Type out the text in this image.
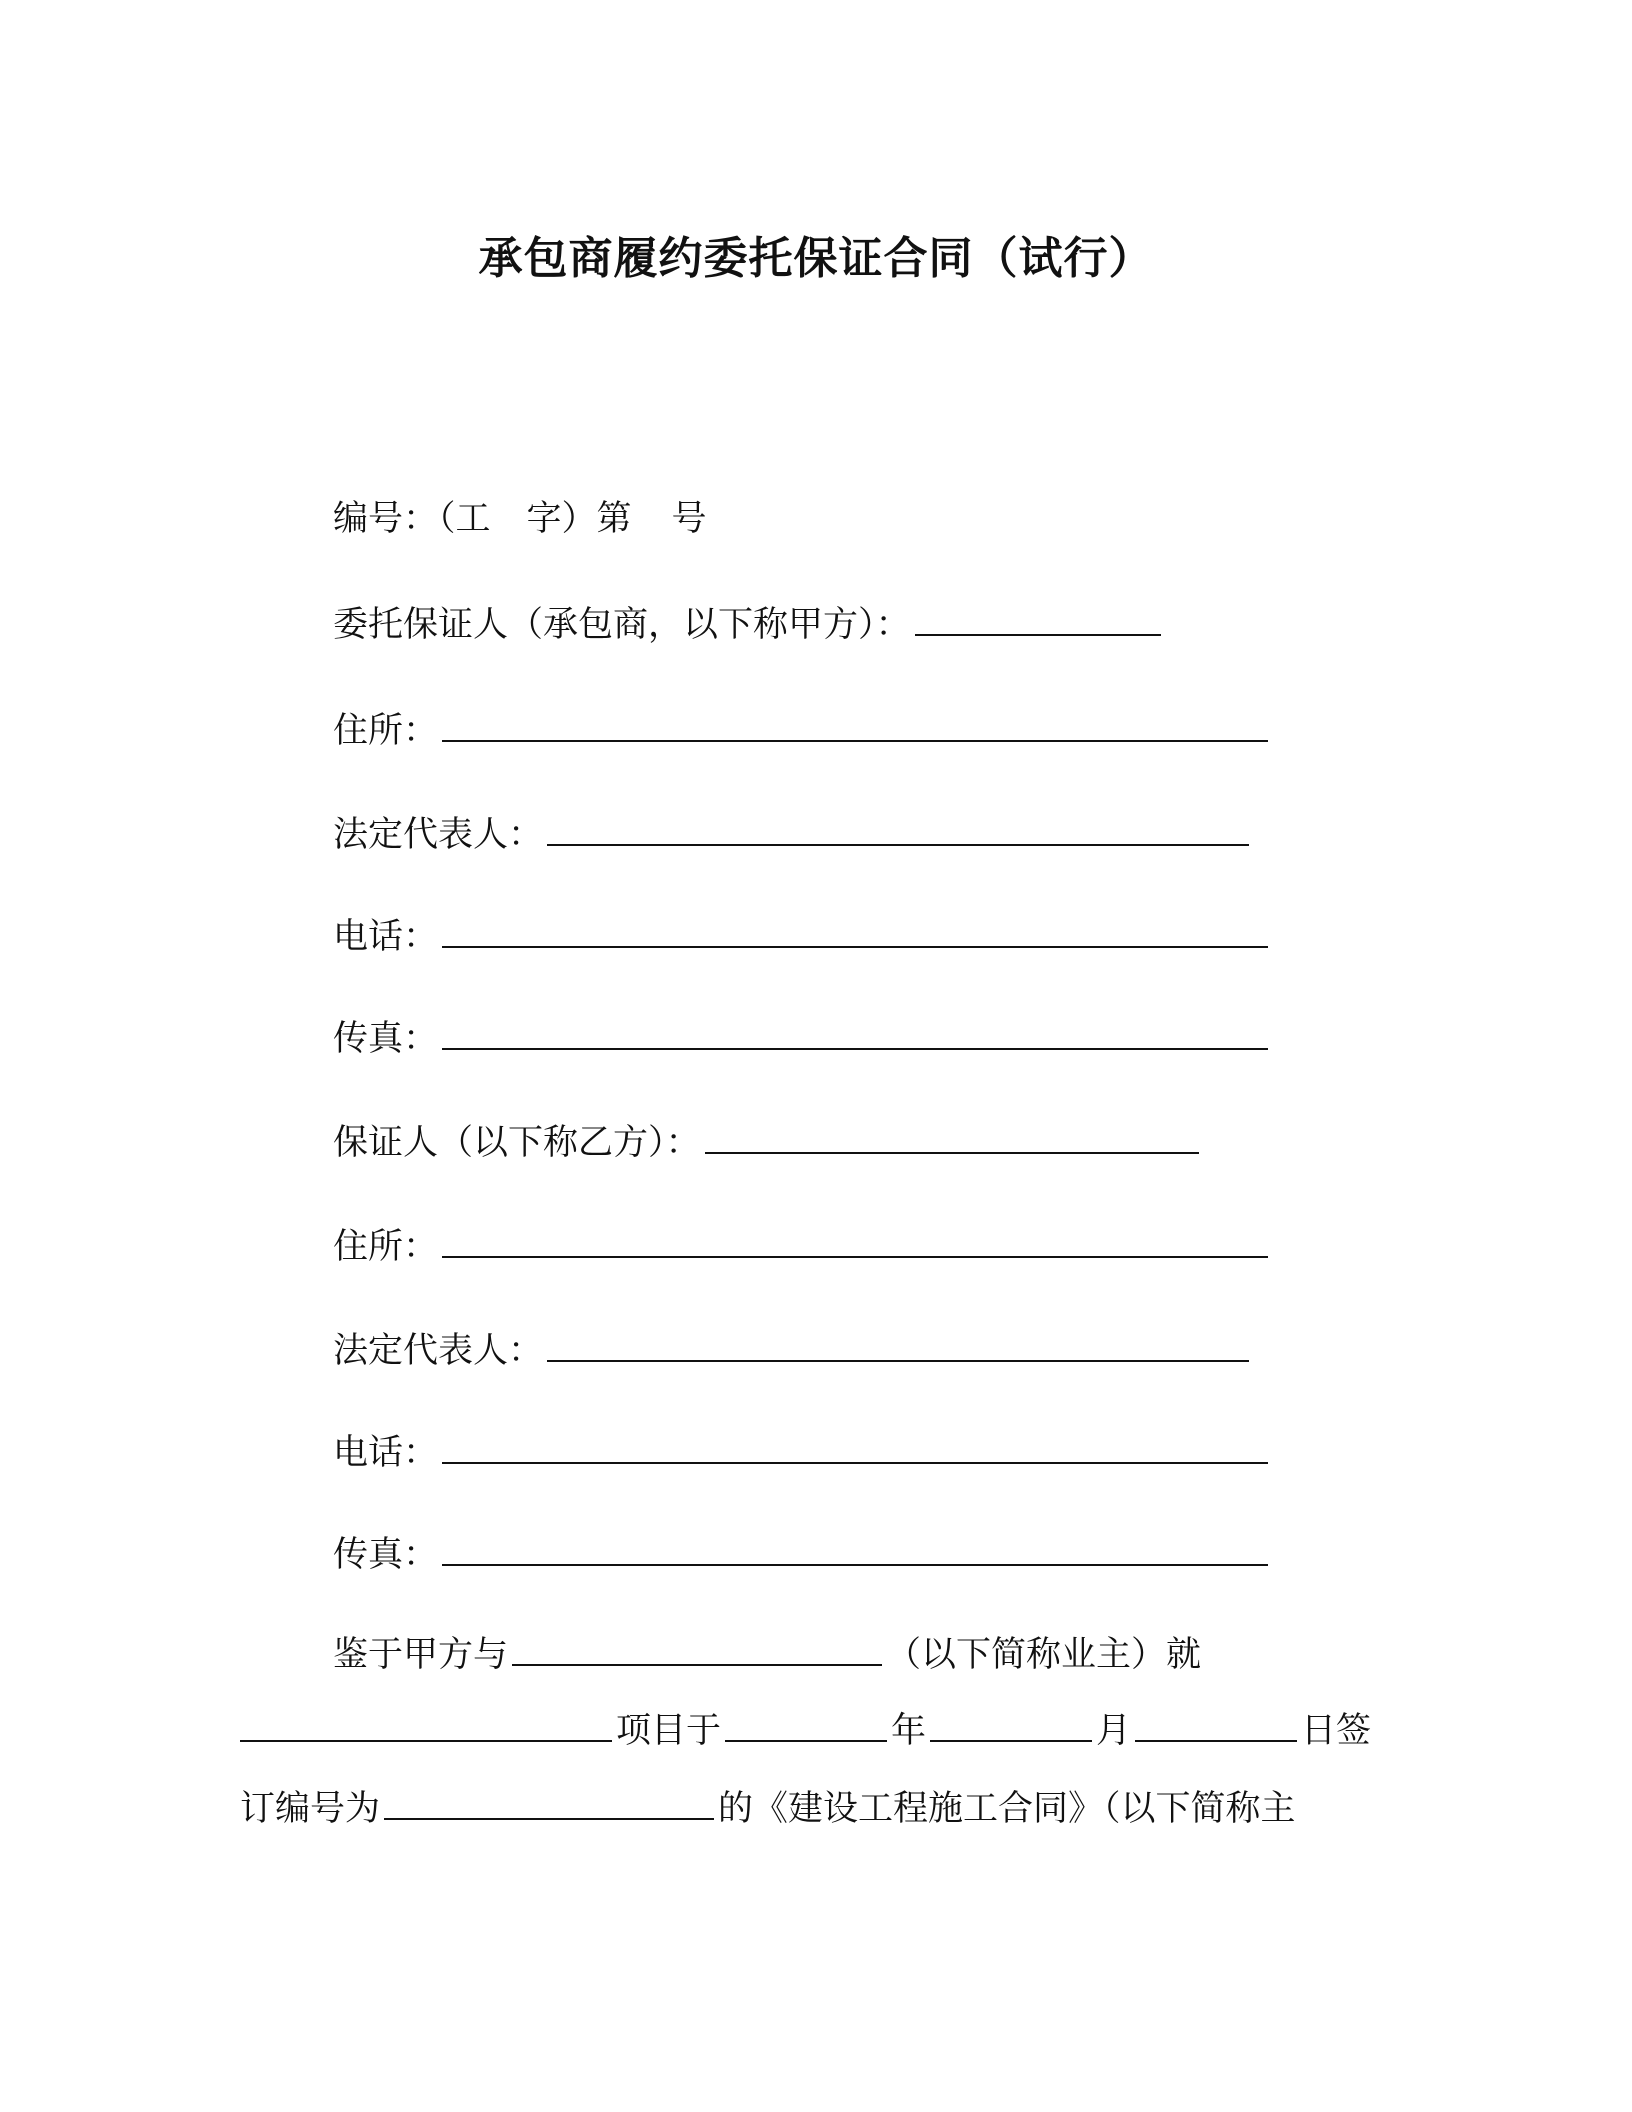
承包商履约委托保证合同（试行）
编号：（工 字）第 号
委托保证人（承包商，以下称甲方）：
住所：
法定代表人：
电话：
传真：
保证人（以下称乙方）：
住所：
法定代表人：
电话：
传真：
鉴于甲方与	（以下简称业主）就
项目于	年	月	日签
订编号为	的《建设工程施工合同》（以下简称主
